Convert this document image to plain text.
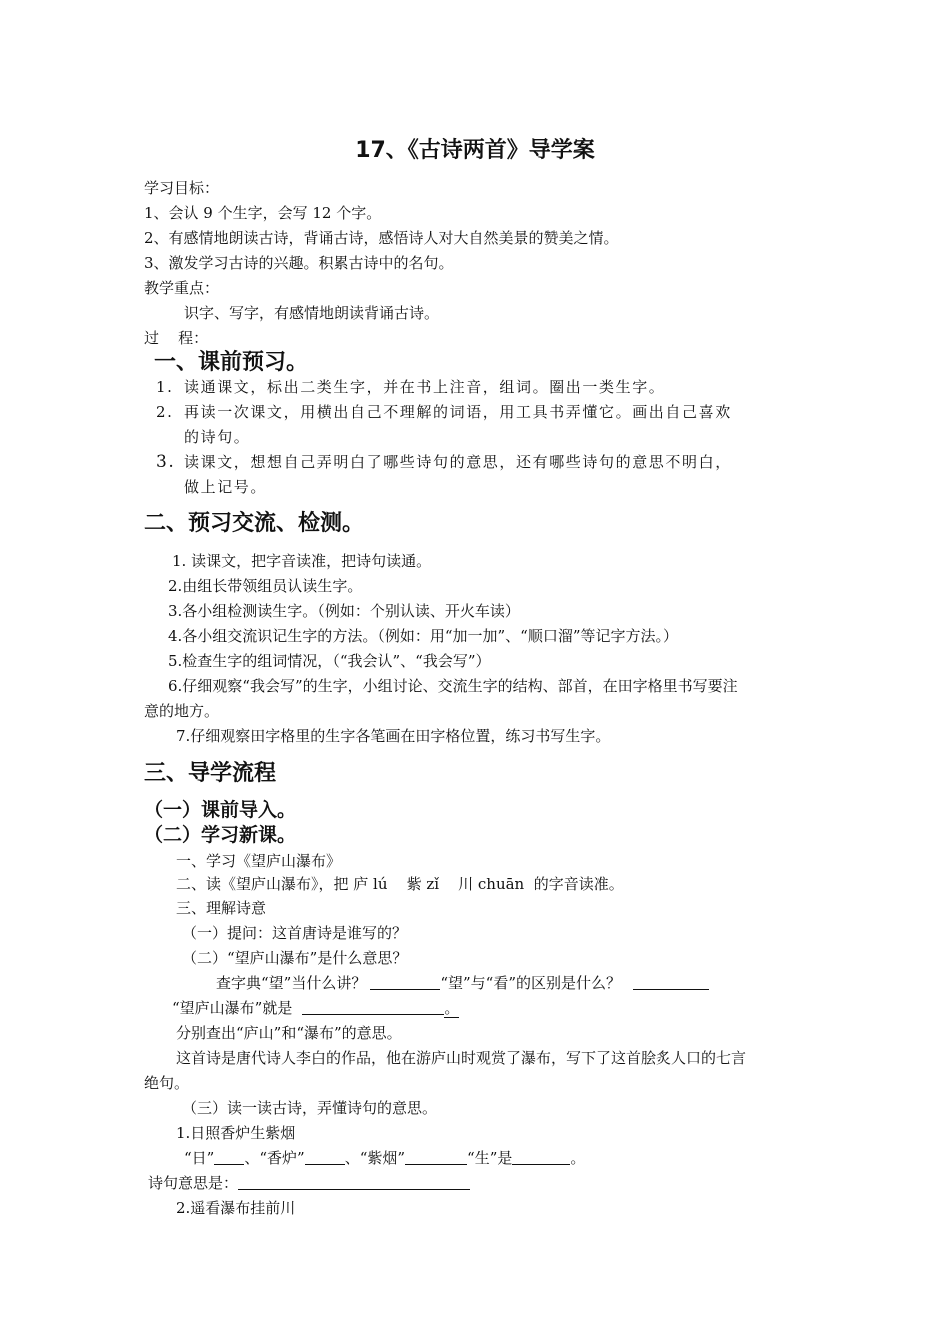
17、《古诗两首》导学案
学习目标：
1、会认 9 个生字，会写 12 个字。
2、有感情地朗读古诗，背诵古诗，感悟诗人对大自然美景的赞美之情。
3、激发学习古诗的兴趣。积累古诗中的名句。
教学重点：
识字、写字，有感情地朗读背诵古诗。
过    程：
一、课前预习。
1. 读通课文，标出二类生字，并在书上注音，组词。圈出一类生字。
2. 再读一次课文，用横出自己不理解的词语，用工具书弄懂它。画出自己喜欢
的诗句。
3. 读课文，想想自己弄明白了哪些诗句的意思，还有哪些诗句的意思不明白，
做上记号。
二、预习交流、检测。
1. 读课文，把字音读准，把诗句读通。
2.由组长带领组员认读生字。
3.各小组检测读生字。（例如：个别认读、开火车读）
4.各小组交流识记生字的方法。（例如：用“加一加”、“顺口溜”等记字方法。）
5.检查生字的组词情况，（“我会认”、“我会写”）
6.仔细观察“我会写”的生字，小组讨论、交流生字的结构、部首，在田字格里书写要注
意的地方。
7.仔细观察田字格里的生字各笔画在田字格位置，练习书写生字。
三、导学流程
（一）课前导入。
（二）学习新课。
一、学习《望庐山瀑布》
二、读《望庐山瀑布》，把 庐 lú    紫 zǐ    川 chuān  的字音读准。
三、理解诗意
（一）提问：这首唐诗是谁写的？
（二）“望庐山瀑布”是什么意思？
查字典“望”当什么讲？	“望”与“看”的区别是什么？
“望庐山瀑布”就是	。
分别查出“庐山”和“瀑布”的意思。
这首诗是唐代诗人李白的作品，他在游庐山时观赏了瀑布，写下了这首脍炙人口的七言
绝句。
（三）读一读古诗，弄懂诗句的意思。
1.日照香炉生紫烟
“日” 、“香炉”	、“紫烟”	“生”是	。
诗句意思是：
2.遥看瀑布挂前川
